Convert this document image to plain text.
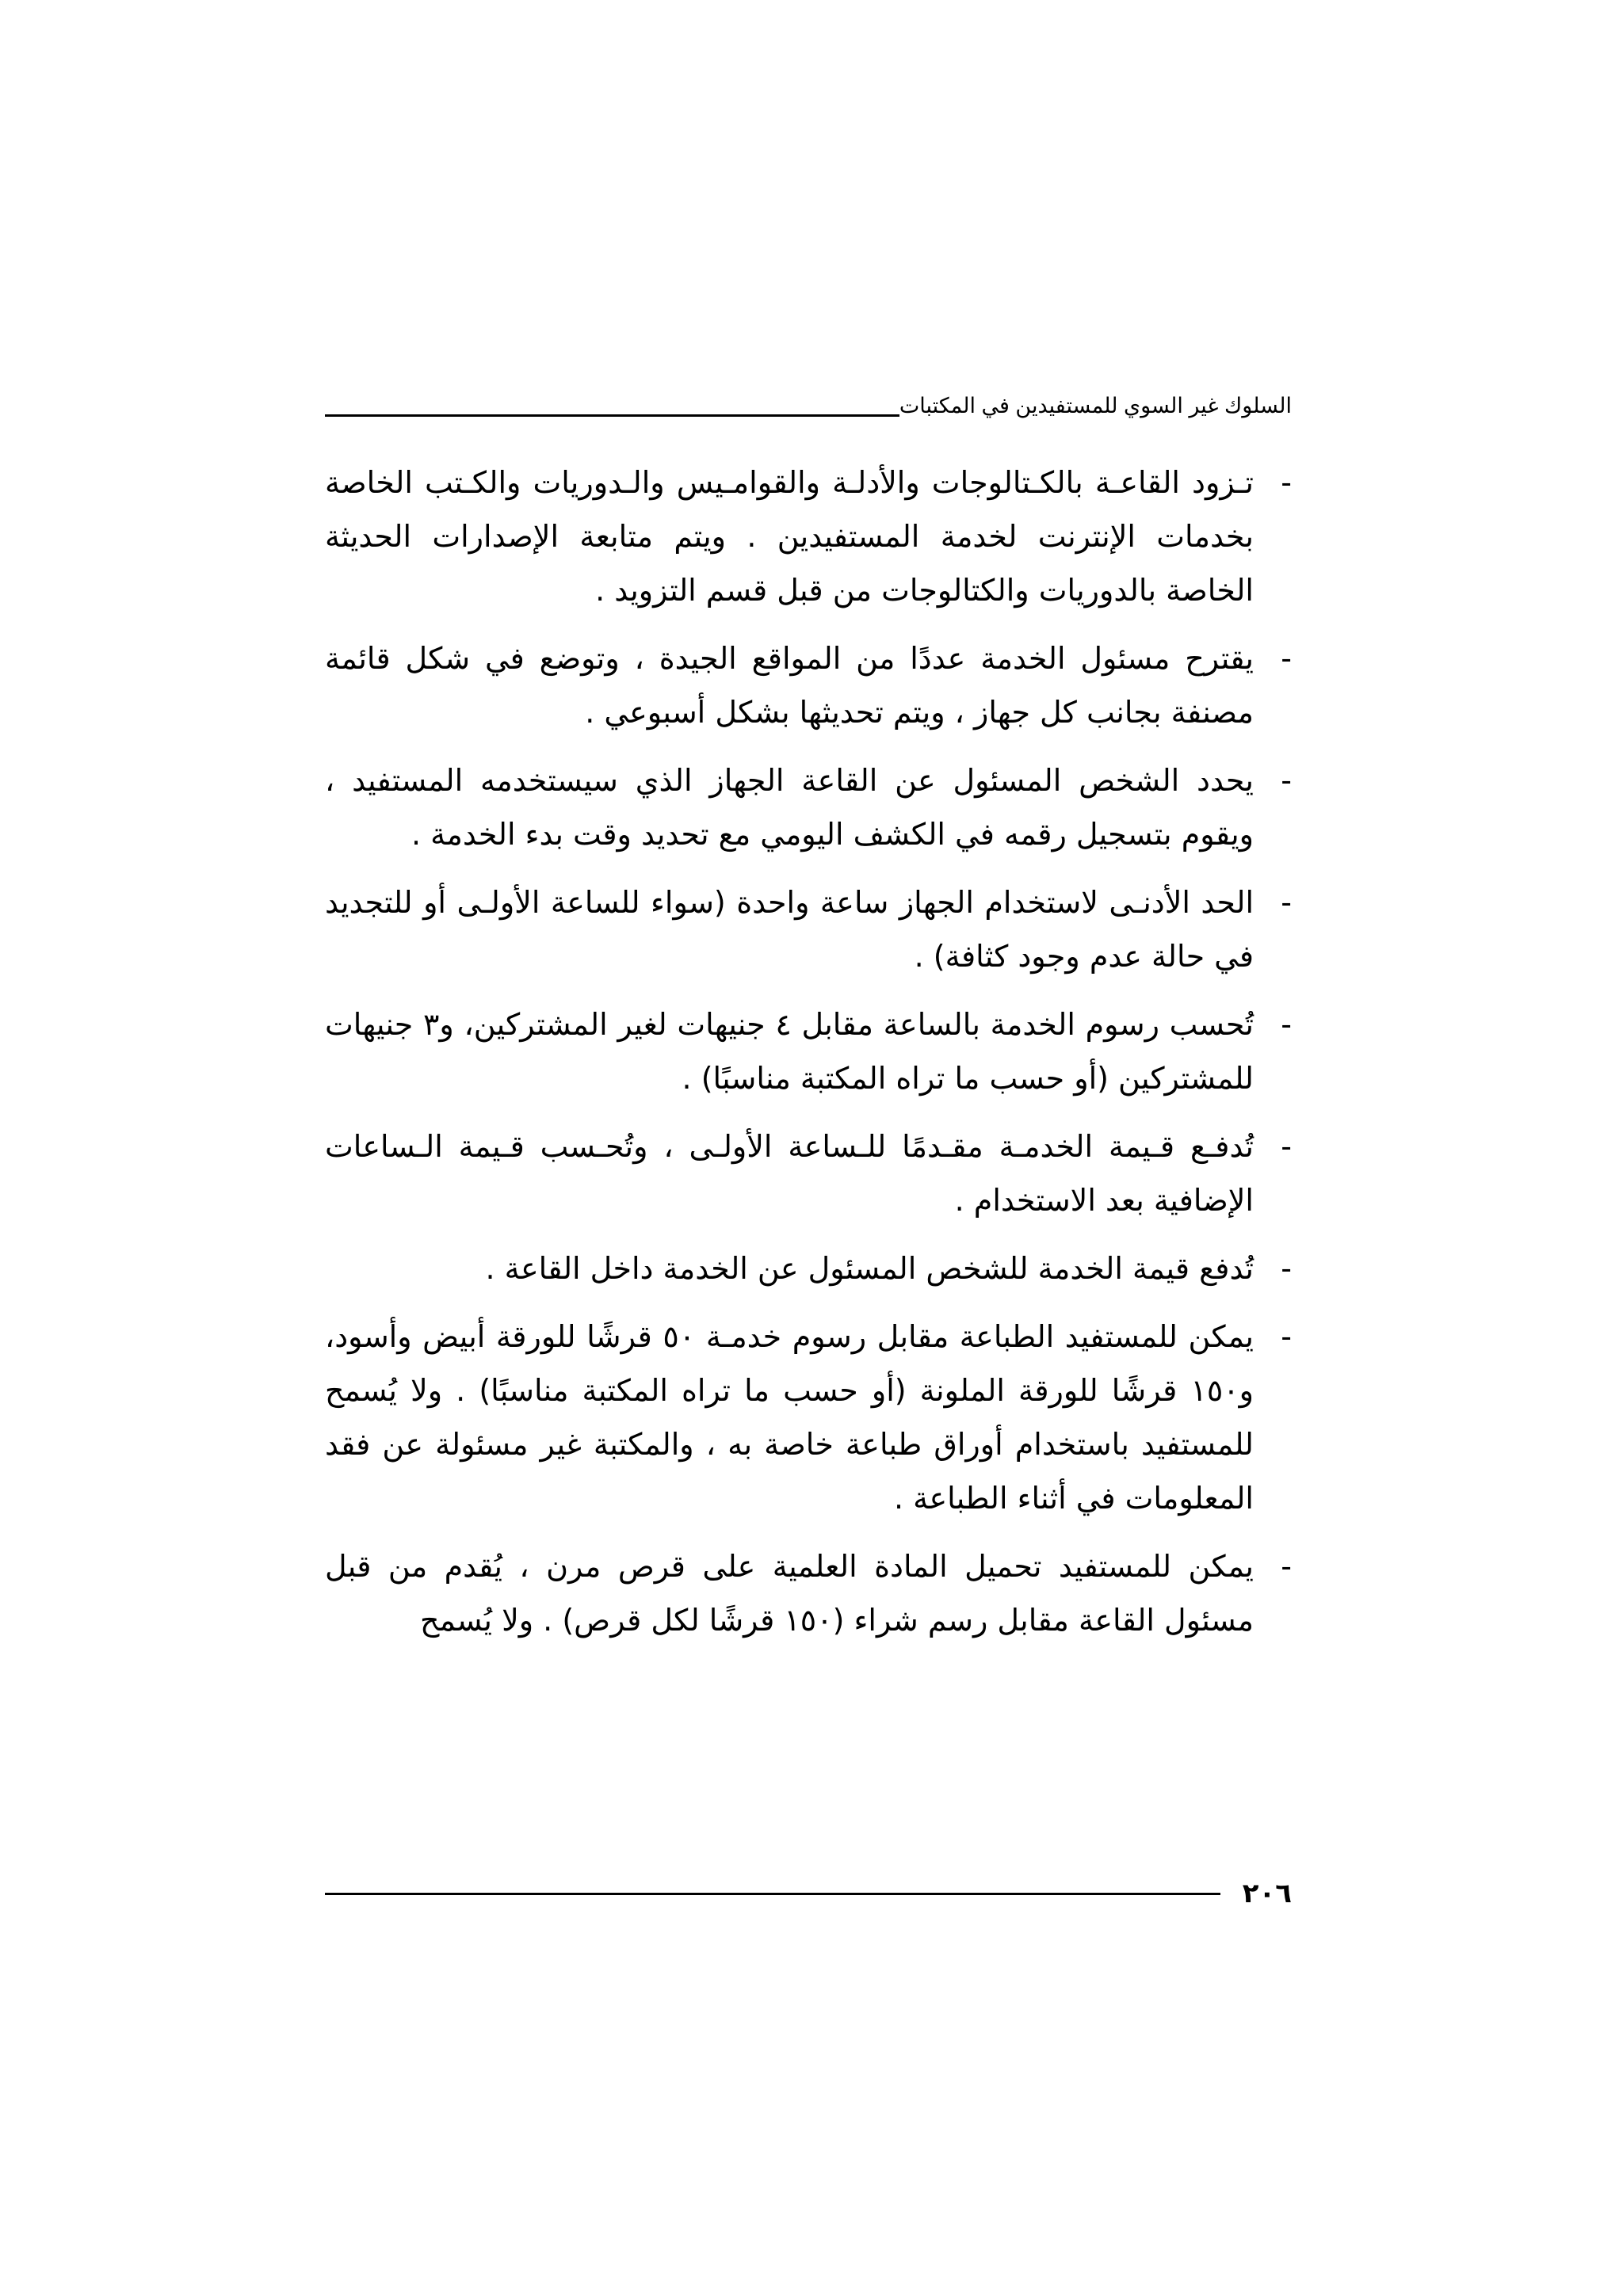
السلوك غير السوي للمستفيدين في المكتبات

-تـزود القاعـة بالكـتالوجات والأدلـة والقوامـيس والـدوريات والكـتب الخاصة بخدمات الإنترنت لخدمة المستفيدين . ويتم متابعة الإصدارات الحديثة الخاصة بالدوريات والكتالوجات من قبل قسم التزويد .

-يقترح مسئول الخدمة عددًا من المواقع الجيدة ، وتوضع في شكل قائمة مصنفة بجانب كل جهاز ، ويتم تحديثها بشكل أسبوعي .

-يحدد الشخص المسئول عن القاعة الجهاز الذي سيستخدمه المستفيد ، ويقوم بتسجيل رقمه في الكشف اليومي مع تحديد وقت بدء الخدمة .

-الحد الأدنـى لاستخدام الجهاز ساعة واحدة (سواء للساعة الأولـى أو للتجديد في حالة عدم وجود كثافة) .

-تُحسب رسوم الخدمة بالساعة مقابل ٤ جنيهات لغير المشتركين، و٣ جنيهات للمشتركين (أو حسب ما تراه المكتبة مناسبًا) .

-تُدفـع قـيمة الخدمـة مقـدمًا للـساعة الأولـى ، وتُحـسب قـيمة الـساعات الإضافية بعد الاستخدام .

-تُدفع قيمة الخدمة للشخص المسئول عن الخدمة داخل القاعة .

-يمكن للمستفيد الطباعة مقابل رسوم خدمـة ٥٠ قرشًا للورقة أبيض وأسود، و١٥٠ قرشًا للورقة الملونة (أو حسب ما تراه المكتبة مناسبًا) . ولا يُسمح للمستفيد باستخدام أوراق طباعة خاصة به ، والمكتبة غير مسئولة عن فقد المعلومات في أثناء الطباعة .

-يمكن للمستفيد تحميل المادة العلمية على قرص مرن ، يُقدم من قبل مسئول القاعة مقابل رسم شراء (١٥٠ قرشًا لكل قرص) . ولا يُسمح

٢٠٦
